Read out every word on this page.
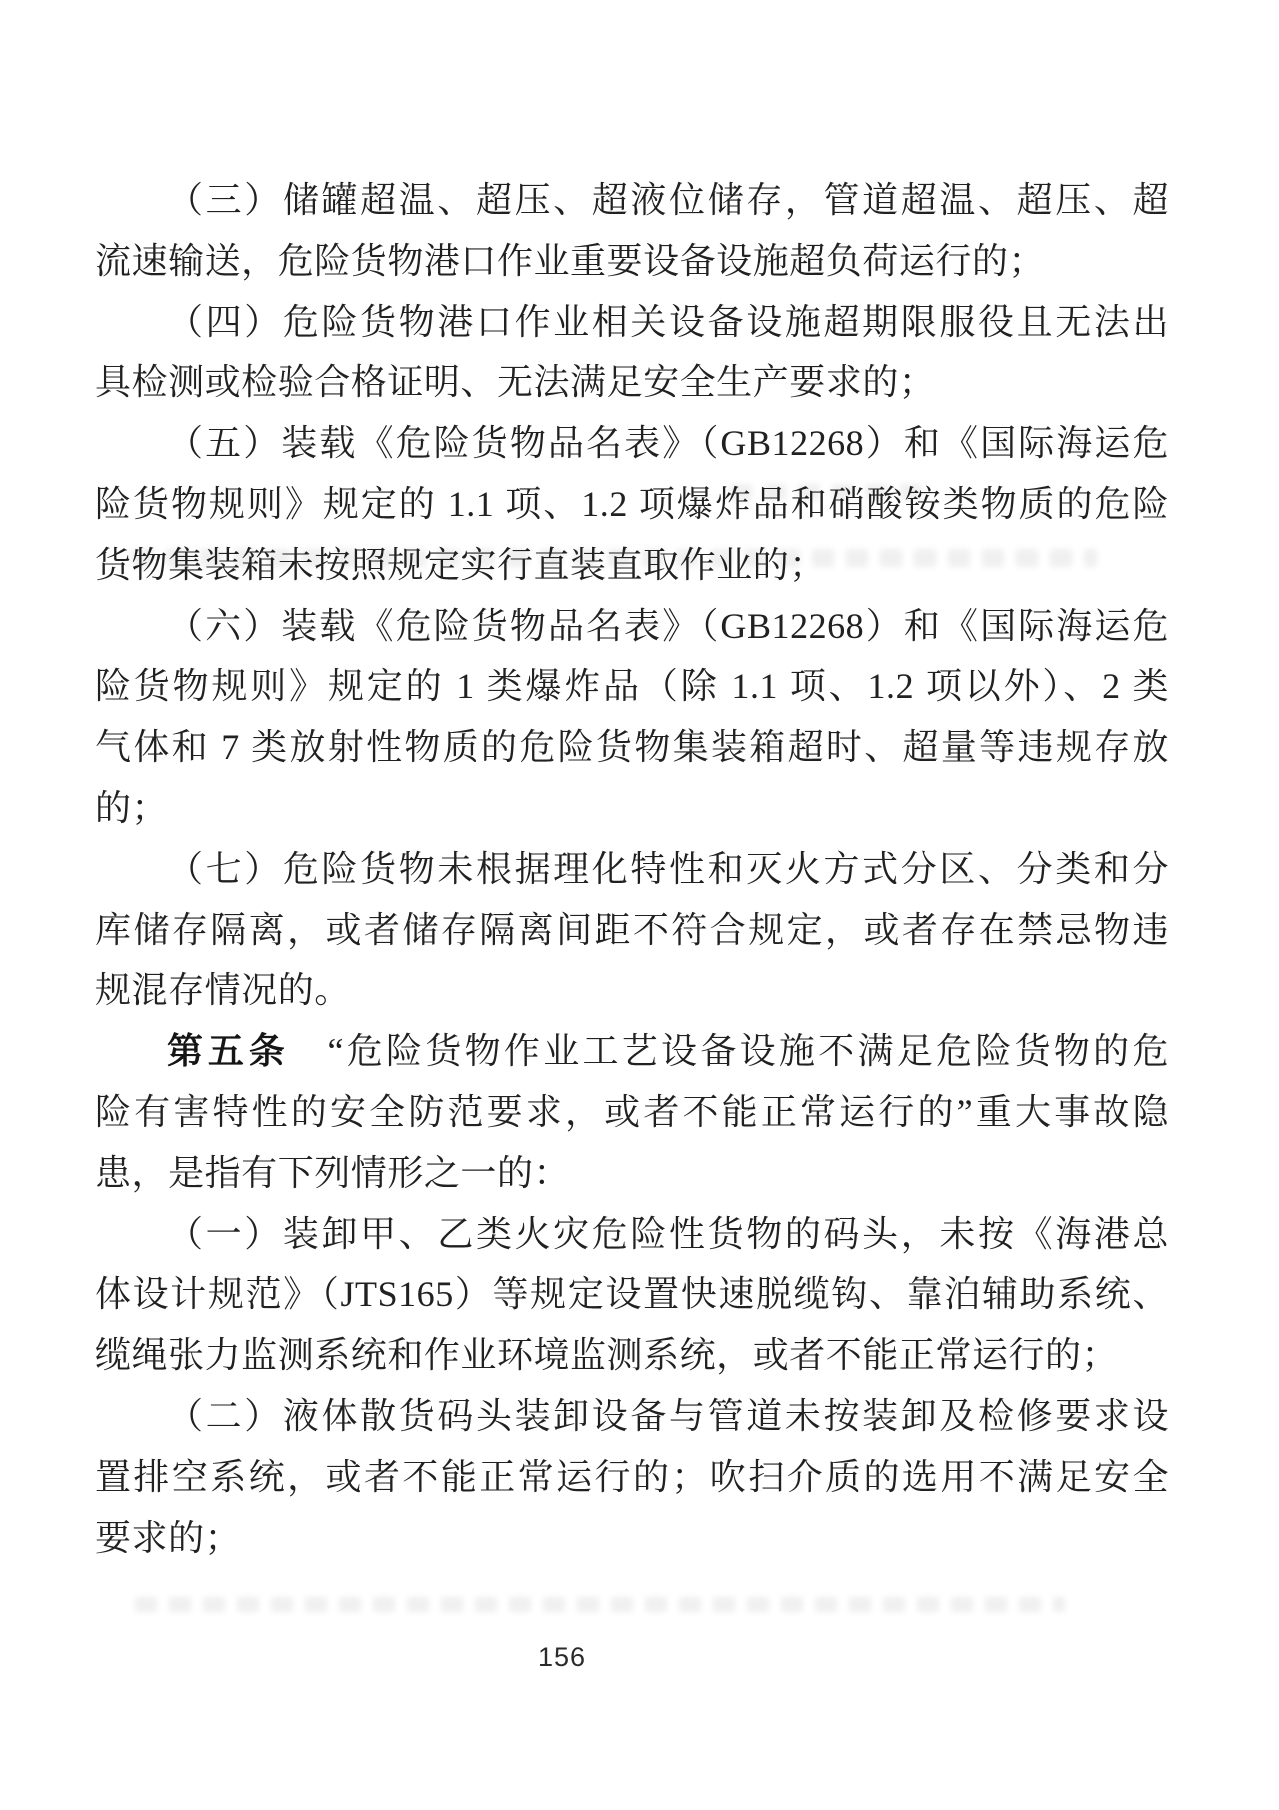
（三）储罐超温、超压、超液位储存，管道超温、超压、超
流速输送，危险货物港口作业重要设备设施超负荷运行的；
（四）危险货物港口作业相关设备设施超期限服役且无法出
具检测或检验合格证明、无法满足安全生产要求的；
（五）装载《危险货物品名表》（GB12268）和《国际海运危
险货物规则》规定的 1.1 项、1.2 项爆炸品和硝酸铵类物质的危险
货物集装箱未按照规定实行直装直取作业的；
（六）装载《危险货物品名表》（GB12268）和《国际海运危
险货物规则》规定的 1 类爆炸品（除 1.1 项、1.2 项以外）、2 类
气体和 7 类放射性物质的危险货物集装箱超时、超量等违规存放
的；
（七）危险货物未根据理化特性和灭火方式分区、分类和分
库储存隔离，或者储存隔离间距不符合规定，或者存在禁忌物违
规混存情况的。
第五条 “危险货物作业工艺设备设施不满足危险货物的危
险有害特性的安全防范要求，或者不能正常运行的”重大事故隐
患，是指有下列情形之一的：
（一）装卸甲、乙类火灾危险性货物的码头，未按《海港总
体设计规范》（JTS165）等规定设置快速脱缆钩、靠泊辅助系统、
缆绳张力监测系统和作业环境监测系统，或者不能正常运行的；
（二）液体散货码头装卸设备与管道未按装卸及检修要求设
置排空系统，或者不能正常运行的；吹扫介质的选用不满足安全
要求的；
156
